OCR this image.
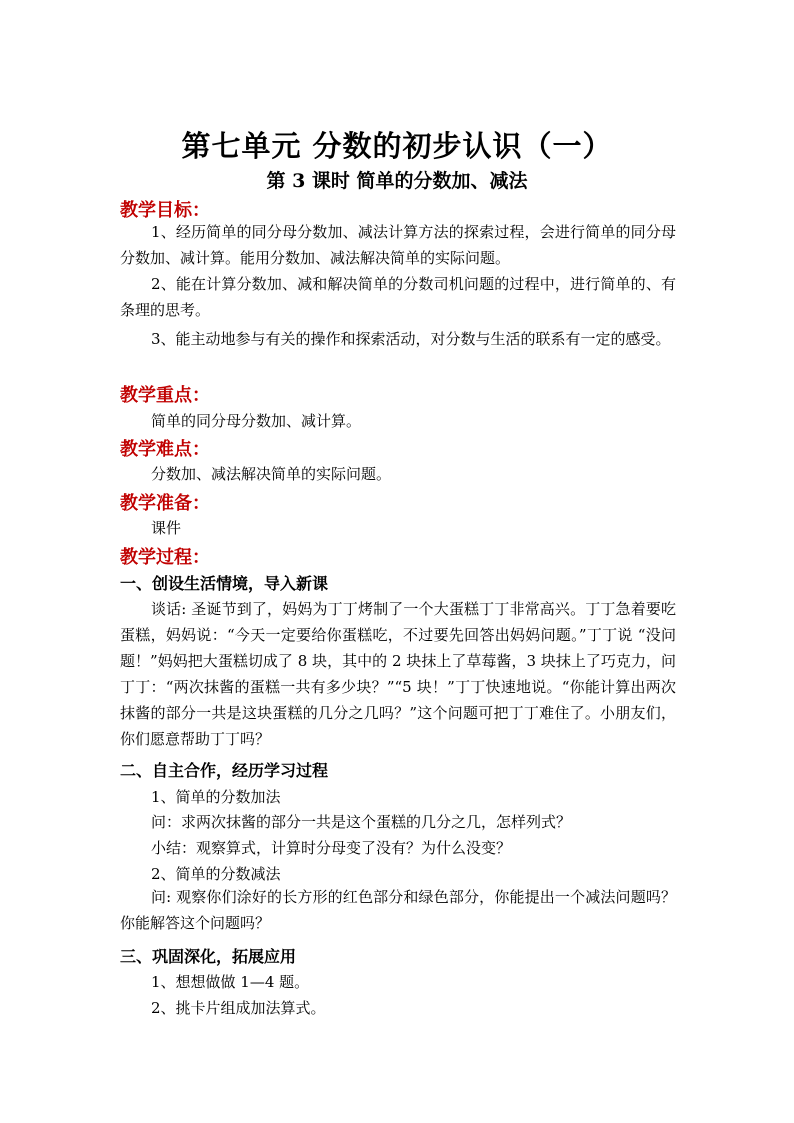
第七单元 分数的初步认识（一）
第 3 课时 简单的分数加、减法
教学目标：
1、经历简单的同分母分数加、减法计算方法的探索过程，会进行简单的同分母分数加、减计算。能用分数加、减法解决简单的实际问题。
2、能在计算分数加、减和解决简单的分数司机问题的过程中，进行简单的、有条理的思考。
3、能主动地参与有关的操作和探索活动，对分数与生活的联系有一定的感受。
教学重点：
简单的同分母分数加、减计算。
教学难点：
分数加、减法解决简单的实际问题。
教学准备：
课件
教学过程：
一、创设生活情境，导入新课
谈话: 圣诞节到了，妈妈为丁丁烤制了一个大蛋糕丁丁非常高兴。丁丁急着要吃蛋糕，妈妈说：“今天一定要给你蛋糕吃，不过要先回答出妈妈问题。”丁丁说 “没问题！”妈妈把大蛋糕切成了 8 块，其中的 2 块抹上了草莓酱，3 块抹上了巧克力，问丁丁：“两次抹酱的蛋糕一共有多少块？”“5 块！”丁丁快速地说。“你能计算出两次抹酱的部分一共是这块蛋糕的几分之几吗？”这个问题可把丁丁难住了。小朋友们，你们愿意帮助丁丁吗？
二、自主合作，经历学习过程
1、简单的分数加法
问：求两次抹酱的部分一共是这个蛋糕的几分之几，怎样列式？
小结：观察算式，计算时分母变了没有？为什么没变？
2、简单的分数减法
问: 观察你们涂好的长方形的红色部分和绿色部分，你能提出一个减法问题吗？你能解答这个问题吗？
三、巩固深化，拓展应用
1、想想做做 1—4 题。
2、挑卡片组成加法算式。
